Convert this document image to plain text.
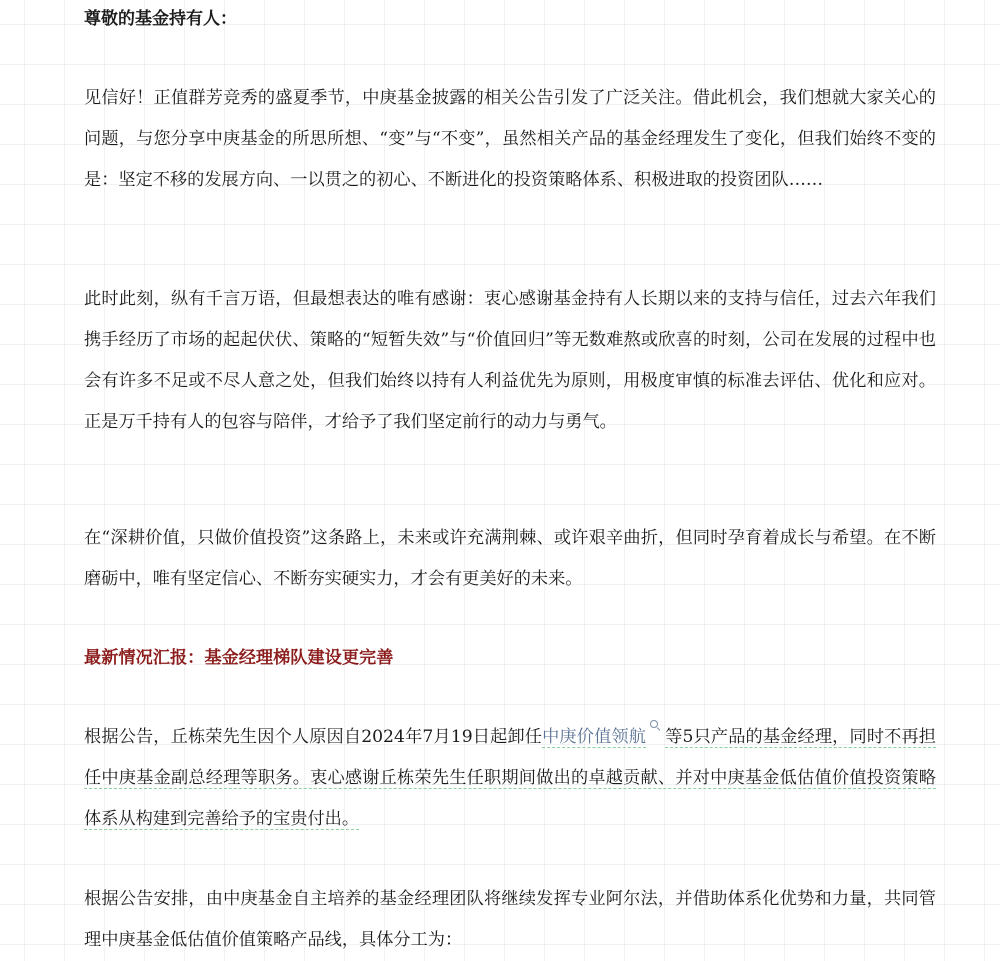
尊敬的基金持有人：

见信好！正值群芳竞秀的盛夏季节，中庚基金披露的相关公告引发了广泛关注。借此机会，我们想就大家关心的问题，与您分享中庚基金的所思所想、“变”与“不变”，虽然相关产品的基金经理发生了变化，但我们始终不变的是：坚定不移的发展方向、一以贯之的初心、不断进化的投资策略体系、积极进取的投资团队……

此时此刻，纵有千言万语，但最想表达的唯有感谢：衷心感谢基金持有人长期以来的支持与信任，过去六年我们携手经历了市场的起起伏伏、策略的“短暂失效”与“价值回归”等无数难熬或欣喜的时刻，公司在发展的过程中也会有许多不足或不尽人意之处，但我们始终以持有人利益优先为原则，用极度审慎的标准去评估、优化和应对。正是万千持有人的包容与陪伴，才给予了我们坚定前行的动力与勇气。

在“深耕价值，只做价值投资”这条路上，未来或许充满荆棘、或许艰辛曲折，但同时孕育着成长与希望。在不断磨砺中，唯有坚定信心、不断夯实硬实力，才会有更美好的未来。

最新情况汇报：基金经理梯队建设更完善

根据公告，丘栋荣先生因个人原因自2024年7月19日起卸任中庚价值领航 等5只产品的基金经理，同时不再担任中庚基金副总经理等职务。衷心感谢丘栋荣先生任职期间做出的卓越贡献、并对中庚基金低估值价值投资策略体系从构建到完善给予的宝贵付出。

根据公告安排，由中庚基金自主培养的基金经理团队将继续发挥专业阿尔法，并借助体系化优势和力量，共同管理中庚基金低估值价值策略产品线，具体分工为：
